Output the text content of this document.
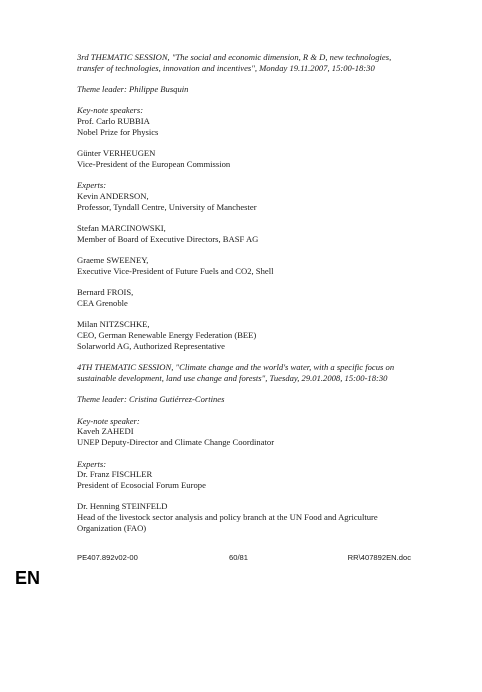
3rd THEMATIC SESSION, "The social and economic dimension, R & D, new technologies, transfer of technologies, innovation and incentives", Monday 19.11.2007, 15:00-18:30
Theme leader: Philippe Busquin
Key-note speakers:
Prof. Carlo RUBBIA
Nobel Prize for Physics
Günter VERHEUGEN
Vice-President of the European Commission
Experts:
Kevin ANDERSON,
Professor, Tyndall Centre, University of Manchester
Stefan MARCINOWSKI,
Member of Board of Executive Directors, BASF AG
Graeme SWEENEY,
Executive Vice-President of Future Fuels and CO2, Shell
Bernard FROIS,
CEA Grenoble
Milan NITZSCHKE,
CEO, German Renewable Energy Federation (BEE)
Solarworld AG, Authorized Representative
4TH THEMATIC SESSION, "Climate change and the world's water, with a specific focus on sustainable development, land use change and forests", Tuesday, 29.01.2008, 15:00-18:30
Theme leader: Cristina Gutiérrez-Cortines
Key-note speaker:
Kaveh ZAHEDI
UNEP Deputy-Director and Climate Change Coordinator
Experts:
Dr. Franz FISCHLER
President of Ecosocial Forum Europe
Dr. Henning STEINFELD
Head of the livestock sector analysis and policy branch at the UN Food and Agriculture Organization (FAO)
PE407.892v02-00	60/81	RR\407892EN.doc
EN
